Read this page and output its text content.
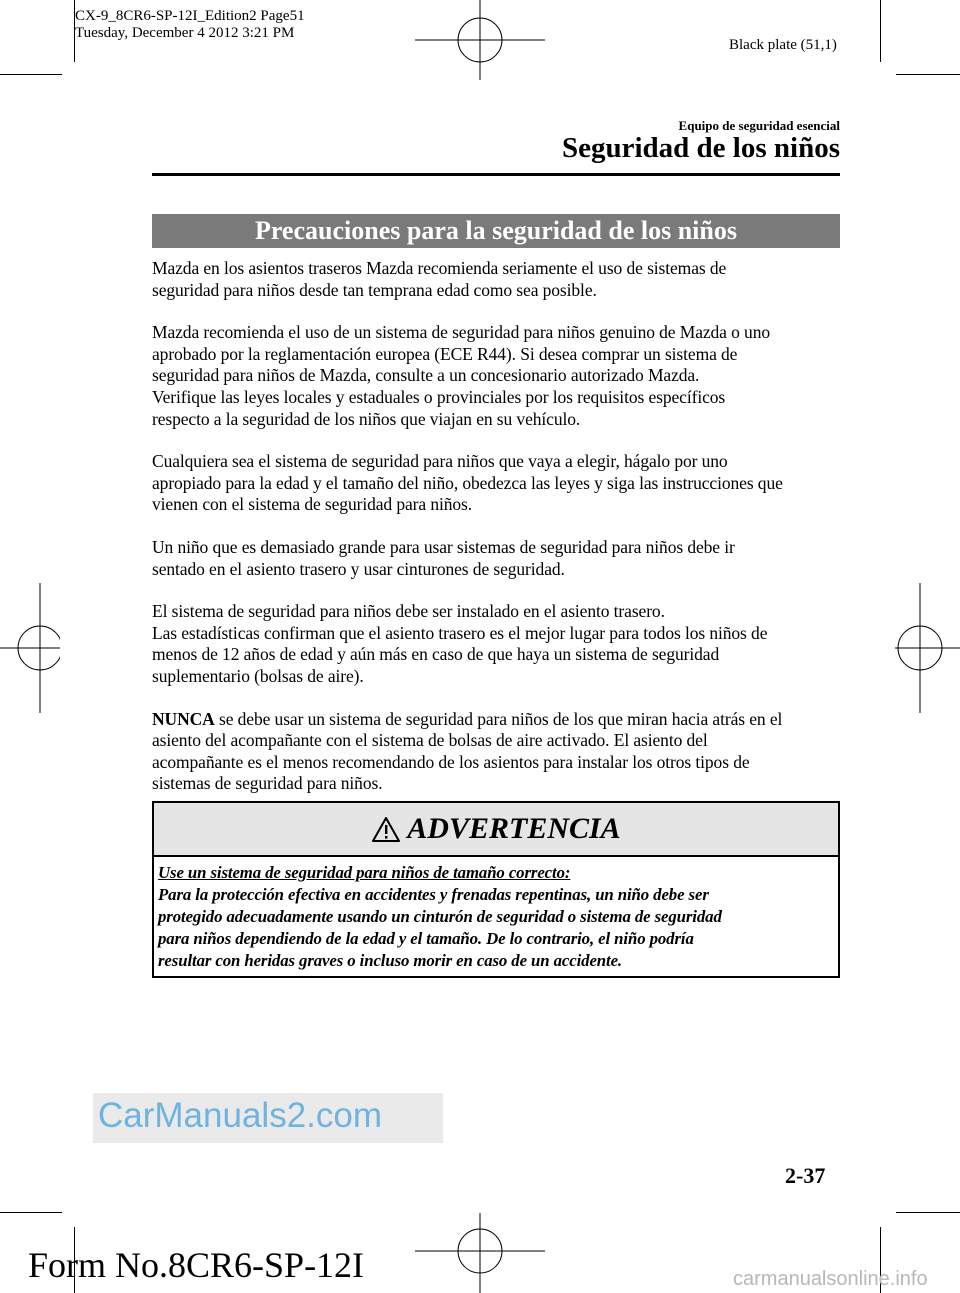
CX-9_8CR6-SP-12I_Edition2 Page51
Tuesday, December 4 2012 3:21 PM
Black plate (51,1)
Equipo de seguridad esencial
Seguridad de los niños
Precauciones para la seguridad de los niños

Mazda en los asientos traseros Mazda recomienda seriamente el uso de sistemas de
seguridad para niños desde tan temprana edad como sea posible.

Mazda recomienda el uso de un sistema de seguridad para niños genuino de Mazda o uno
aprobado por la reglamentación europea (ECE R44). Si desea comprar un sistema de
seguridad para niños de Mazda, consulte a un concesionario autorizado Mazda.
Verifique las leyes locales y estaduales o provinciales por los requisitos específicos
respecto a la seguridad de los niños que viajan en su vehículo.

Cualquiera sea el sistema de seguridad para niños que vaya a elegir, hágalo por uno
apropiado para la edad y el tamaño del niño, obedezca las leyes y siga las instrucciones que
vienen con el sistema de seguridad para niños.

Un niño que es demasiado grande para usar sistemas de seguridad para niños debe ir
sentado en el asiento trasero y usar cinturones de seguridad.

El sistema de seguridad para niños debe ser instalado en el asiento trasero.
Las estadísticas confirman que el asiento trasero es el mejor lugar para todos los niños de
menos de 12 años de edad y aún más en caso de que haya un sistema de seguridad
suplementario (bolsas de aire).

NUNCA se debe usar un sistema de seguridad para niños de los que miran hacia atrás en el
asiento del acompañante con el sistema de bolsas de aire activado. El asiento del
acompañante es el menos recomendando de los asientos para instalar los otros tipos de
sistemas de seguridad para niños.

ADVERTENCIA
Use un sistema de seguridad para niños de tamaño correcto:
Para la protección efectiva en accidentes y frenadas repentinas, un niño debe ser
protegido adecuadamente usando un cinturón de seguridad o sistema de seguridad
para niños dependiendo de la edad y el tamaño. De lo contrario, el niño podría
resultar con heridas graves o incluso morir en caso de un accidente.
CarManuals2.com
2-37
Form No.8CR6-SP-12I	carmanualsonline.info
